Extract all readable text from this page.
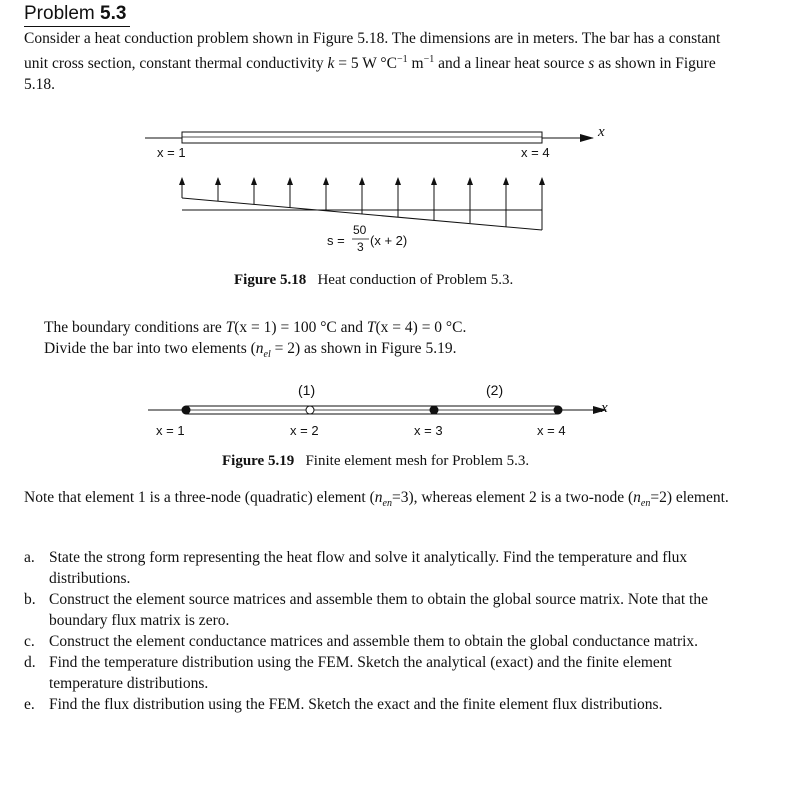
Problem 5.3
Consider a heat conduction problem shown in Figure 5.18. The dimensions are in meters. The bar has a constant unit cross section, constant thermal conductivity k = 5 W $^\circ C^{-1}$ $m^{-1}$ and a linear heat source s as shown in Figure 5.18.
x
x = 1	x = 4
s =
50
3 (x + 2)
Figure 5.18 Heat conduction of Problem 5.3.
The boundary conditions are T(x = 1) = 100 °C and T(x = 4) = 0 °C.
Divide the bar into two elements $(n_{el} = 2)$ as shown in Figure 5.19.
(1)	(2)
x
x = 1	x = 2	x = 3	x = 4
Figure 5.19 Finite element mesh for Problem 5.3.
Note that element 1 is a three-node (quadratic) element $(n_{en}=3)$, whereas element 2 is a two-node $(n_{en}=2)$ element.
a. State the strong form representing the heat flow and solve it analytically. Find the temperature and flux distributions.
b. Construct the element source matrices and assemble them to obtain the global source matrix. Note that the boundary flux matrix is zero.
c. Construct the element conductance matrices and assemble them to obtain the global conductance matrix.
d. Find the temperature distribution using the FEM. Sketch the analytical (exact) and the finite element temperature distributions.
e. Find the flux distribution using the FEM. Sketch the exact and the finite element flux distributions.
